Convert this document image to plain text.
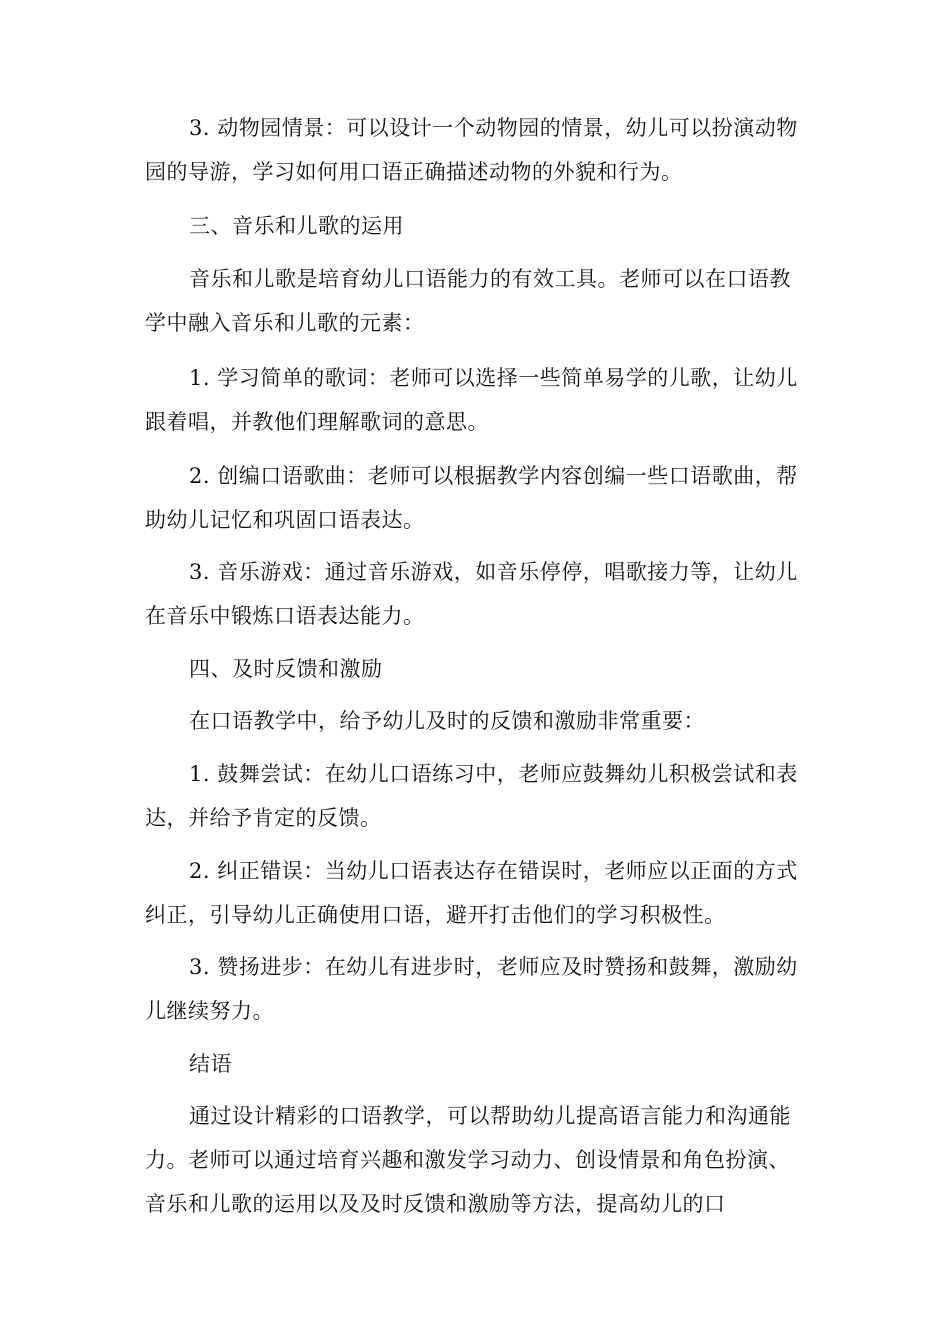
3. 动物园情景：可以设计一个动物园的情景，幼儿可以扮演动物园的导游，学习如何用口语正确描述动物的外貌和行为。

三、音乐和儿歌的运用

音乐和儿歌是培育幼儿口语能力的有效工具。老师可以在口语教学中融入音乐和儿歌的元素：

1. 学习简单的歌词：老师可以选择一些简单易学的儿歌，让幼儿跟着唱，并教他们理解歌词的意思。

2. 创编口语歌曲：老师可以根据教学内容创编一些口语歌曲，帮助幼儿记忆和巩固口语表达。

3. 音乐游戏：通过音乐游戏，如音乐停停，唱歌接力等，让幼儿在音乐中锻炼口语表达能力。

四、及时反馈和激励

在口语教学中，给予幼儿及时的反馈和激励非常重要：

1. 鼓舞尝试：在幼儿口语练习中，老师应鼓舞幼儿积极尝试和表达，并给予肯定的反馈。

2. 纠正错误：当幼儿口语表达存在错误时，老师应以正面的方式纠正，引导幼儿正确使用口语，避开打击他们的学习积极性。

3. 赞扬进步：在幼儿有进步时，老师应及时赞扬和鼓舞，激励幼儿继续努力。

结语

通过设计精彩的口语教学，可以帮助幼儿提高语言能力和沟通能力。老师可以通过培育兴趣和激发学习动力、创设情景和角色扮演、音乐和儿歌的运用以及及时反馈和激励等方法，提高幼儿的口
